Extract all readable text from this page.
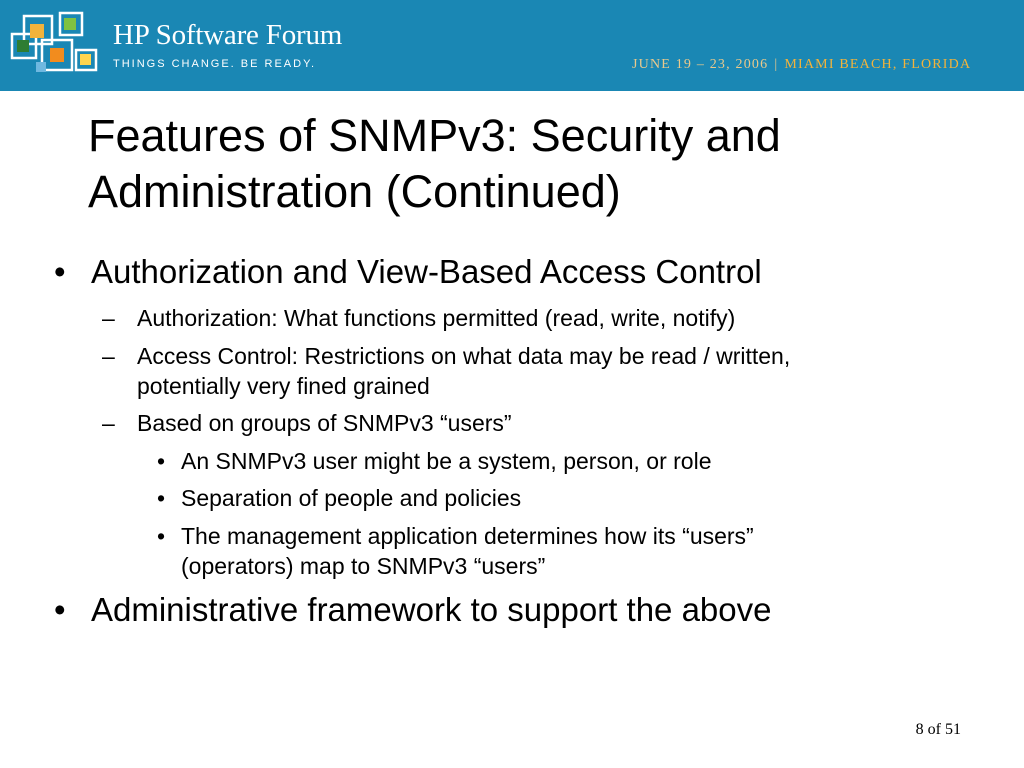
HP Software Forum
THINGS CHANGE. BE READY.	JUNE 19 – 23, 2006 | MIAMI BEACH, FLORIDA
Features of SNMPv3: Security and
Administration (Continued)
• Authorization and View-Based Access Control
– Authorization: What functions permitted (read, write, notify)
– Access Control: Restrictions on what data may be read / written,
potentially very fined grained
– Based on groups of SNMPv3 “users”
• An SNMPv3 user might be a system, person, or role
• Separation of people and policies
• The management application determines how its “users”
(operators) map to SNMPv3 “users”
• Administrative framework to support the above
8 of 51
